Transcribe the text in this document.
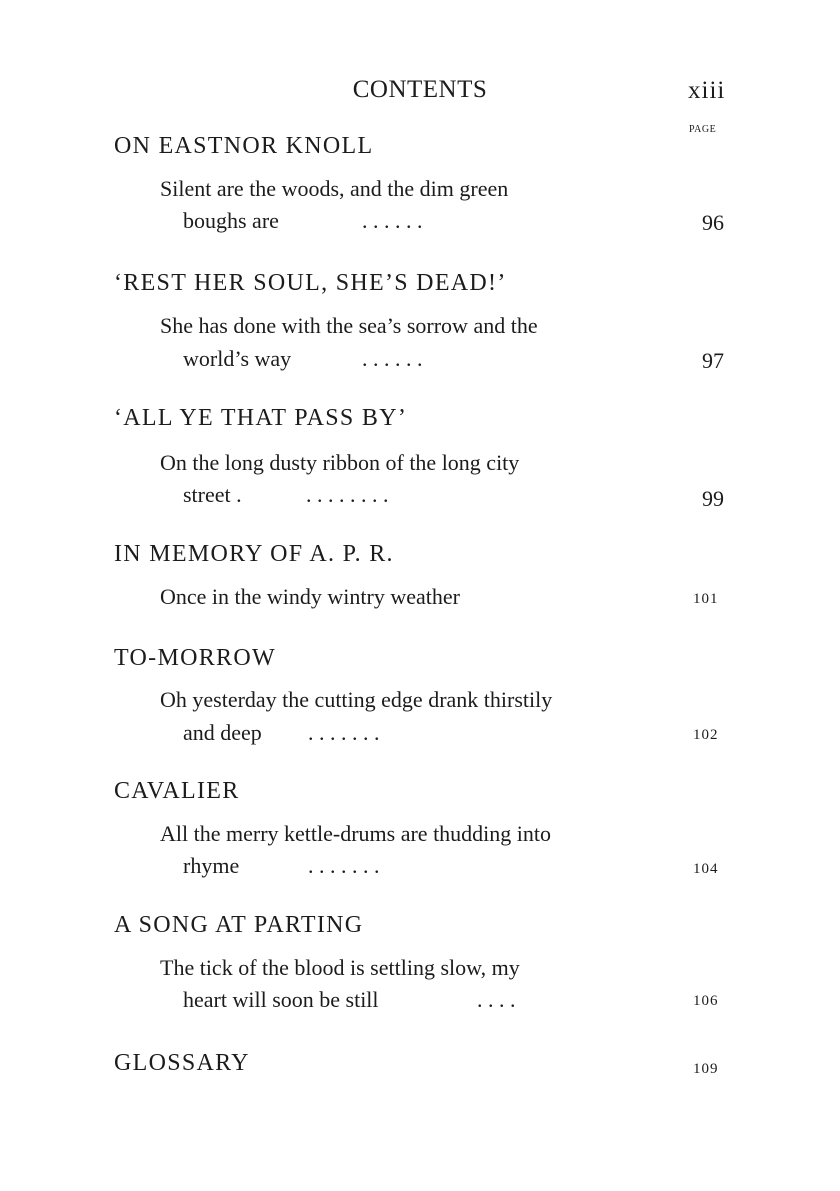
CONTENTS	xiii
PAGE
ON EASTNOR KNOLL
Silent are the woods, and the dim green
boughs are	. . . . . .	96
‘REST HER SOUL, SHE’S DEAD!’
She has done with the sea’s sorrow and the
world’s way	. . . . . .	97
‘ALL YE THAT PASS BY’
On the long dusty ribbon of the long city
street .	. . . . . . . .	99
IN MEMORY OF A. P. R.
Once in the windy wintry weather	101
TO-MORROW
Oh yesterday the cutting edge drank thirstily
and deep . . . . . . .	102
CAVALIER
All the merry kettle-drums are thudding into
rhyme	. . . . . . .	104
A SONG AT PARTING
The tick of the blood is settling slow, my
heart will soon be still	. . . .	106
GLOSSARY	109
